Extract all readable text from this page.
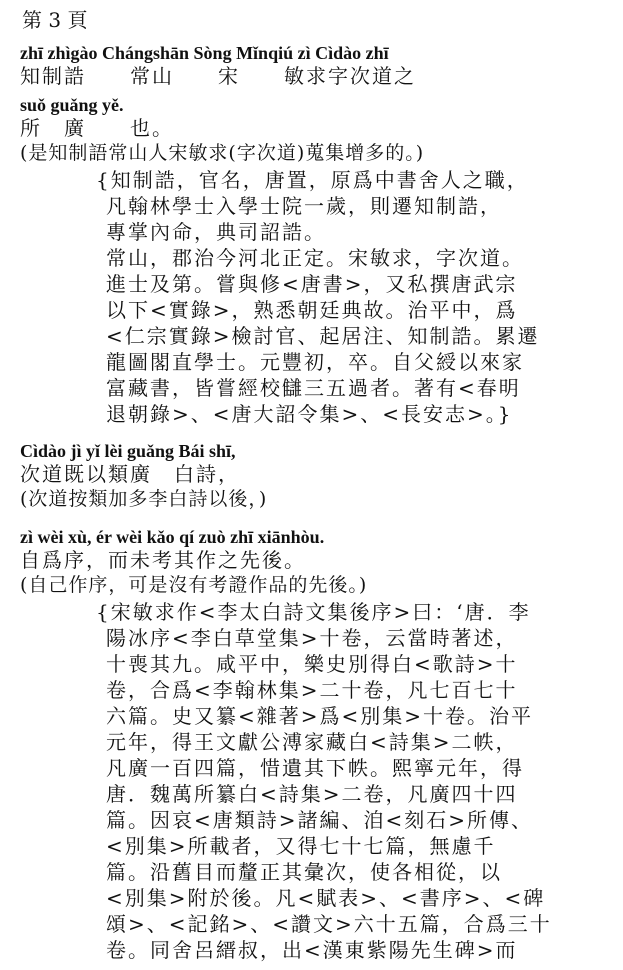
第 3 頁
zhī zhìgào Chángshān Sòng Mǐnqiú zì Cìdào zhī
知制誥　　常山　　宋　　敏求字次道之
suǒ guǎng yě.
所　廣　　也。
(是知制語常山人宋敏求(字次道)蒐集增多的。)
{知制誥，官名，唐置，原爲中書舍人之職，
凡翰林學士入學士院一歲，則遷知制誥，
專掌內命，典司詔誥。
常山，郡治今河北正定。宋敏求，字次道。
進士及第。嘗與修<唐書>，又私撰唐武宗
以下<實錄>，熟悉朝廷典故。治平中，爲
<仁宗實錄>檢討官、起居注、知制誥。累遷
龍圖閣直學士。元豐初，卒。自父綬以來家
富藏書，皆嘗經校讎三五過者。著有<春明
退朝錄>、<唐大詔令集>、<長安志>。}
Cìdào jì yǐ lèi guǎng Bái shī,
次道既以類廣　白詩，
(次道按類加多李白詩以後，)
zì wèi xù, ér wèi kǎo qí zuò zhī xiānhòu.
自爲序，而未考其作之先後。
(自己作序，可是沒有考證作品的先後。)
{宋敏求作<李太白詩文集後序>曰：‘唐．李
陽冰序<李白草堂集>十卷，云當時著述，
十喪其九。咸平中，樂史別得白<歌詩>十
卷，合爲<李翰林集>二十卷，凡七百七十
六篇。史又纂<雜著>爲<別集>十卷。治平
元年，得王文獻公溥家藏白<詩集>二帙，
凡廣一百四篇，惜遺其下帙。熙寧元年，得
唐．魏萬所纂白<詩集>二卷，凡廣四十四
篇。因哀<唐類詩>諸編、洎<刻石>所傳、
<別集>所載者，又得七十七篇，無慮千
篇。沿舊目而釐正其彙次，使各相從，以
<別集>附於後。凡<賦表>、<書序>、<碑
頌>、<記銘>、<讚文>六十五篇，合爲三十
卷。同舍呂縉叔，出<漢東紫陽先生碑>而
